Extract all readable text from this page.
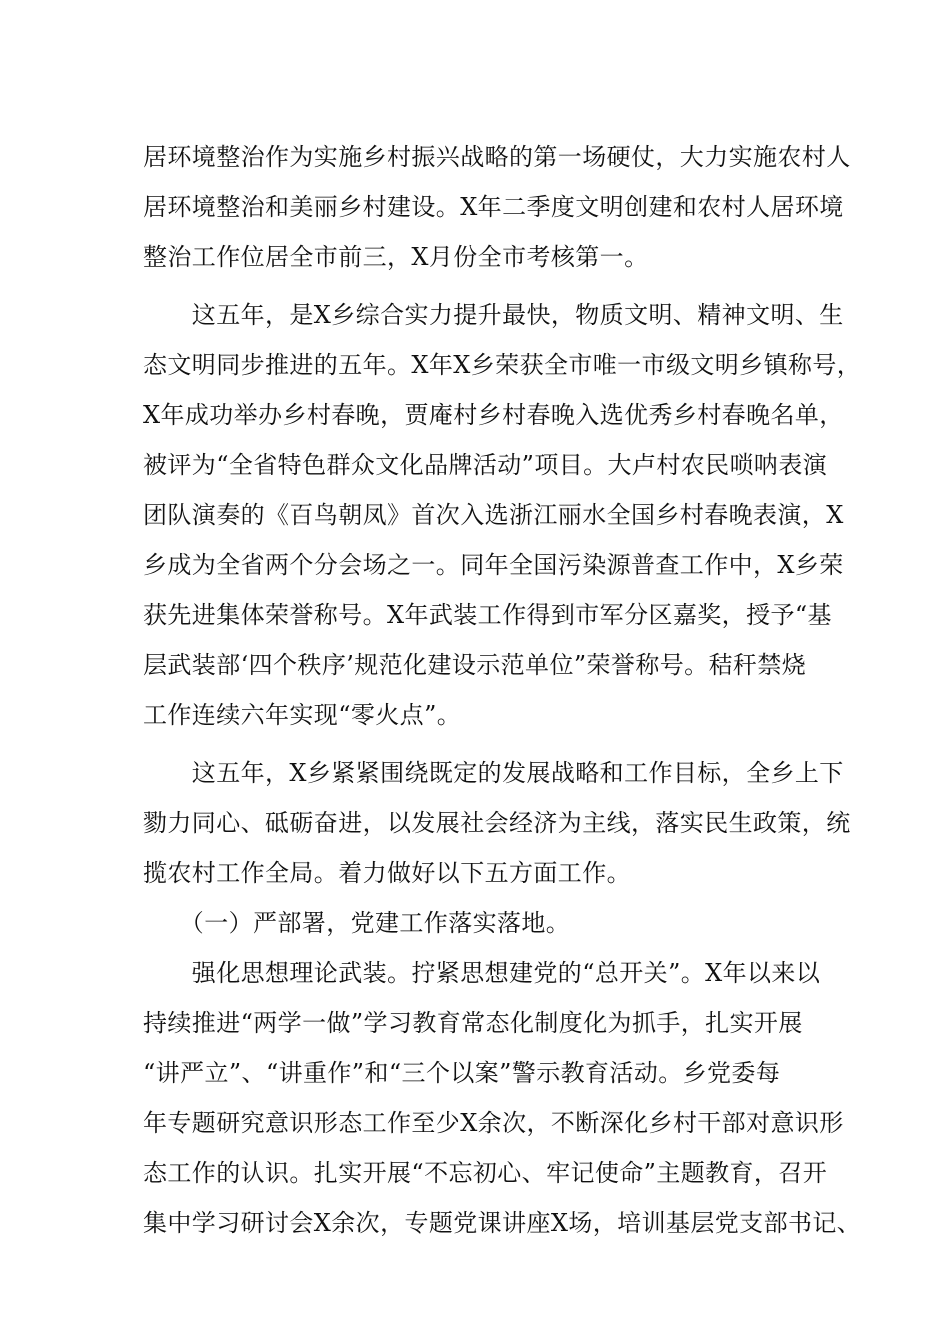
居环境整治作为实施乡村振兴战略的第一场硬仗，大力实施农村人
居环境整治和美丽乡村建设。X年二季度文明创建和农村人居环境
整治工作位居全市前三，X月份全市考核第一。
　　这五年，是X乡综合实力提升最快，物质文明、精神文明、生
态文明同步推进的五年。X年X乡荣获全市唯一市级文明乡镇称号，
X年成功举办乡村春晚，贾庵村乡村春晚入选优秀乡村春晚名单，
被评为“全省特色群众文化品牌活动”项目。大卢村农民唢呐表演
团队演奏的《百鸟朝凤》首次入选浙江丽水全国乡村春晚表演，X
乡成为全省两个分会场之一。同年全国污染源普查工作中，X乡荣
获先进集体荣誉称号。X年武装工作得到市军分区嘉奖，授予“基
层武装部‘四个秩序’规范化建设示范单位”荣誉称号。秸秆禁烧
工作连续六年实现“零火点”。
　　这五年，X乡紧紧围绕既定的发展战略和工作目标，全乡上下
勠力同心、砥砺奋进，以发展社会经济为主线，落实民生政策，统
揽农村工作全局。着力做好以下五方面工作。
　　（一）严部署，党建工作落实落地。
　　强化思想理论武装。拧紧思想建党的“总开关”。X年以来以
持续推进“两学一做”学习教育常态化制度化为抓手，扎实开展
“讲严立”、“讲重作”和“三个以案”警示教育活动。乡党委每
年专题研究意识形态工作至少X余次，不断深化乡村干部对意识形
态工作的认识。扎实开展“不忘初心、牢记使命”主题教育，召开
集中学习研讨会X余次，专题党课讲座X场，培训基层党支部书记、
